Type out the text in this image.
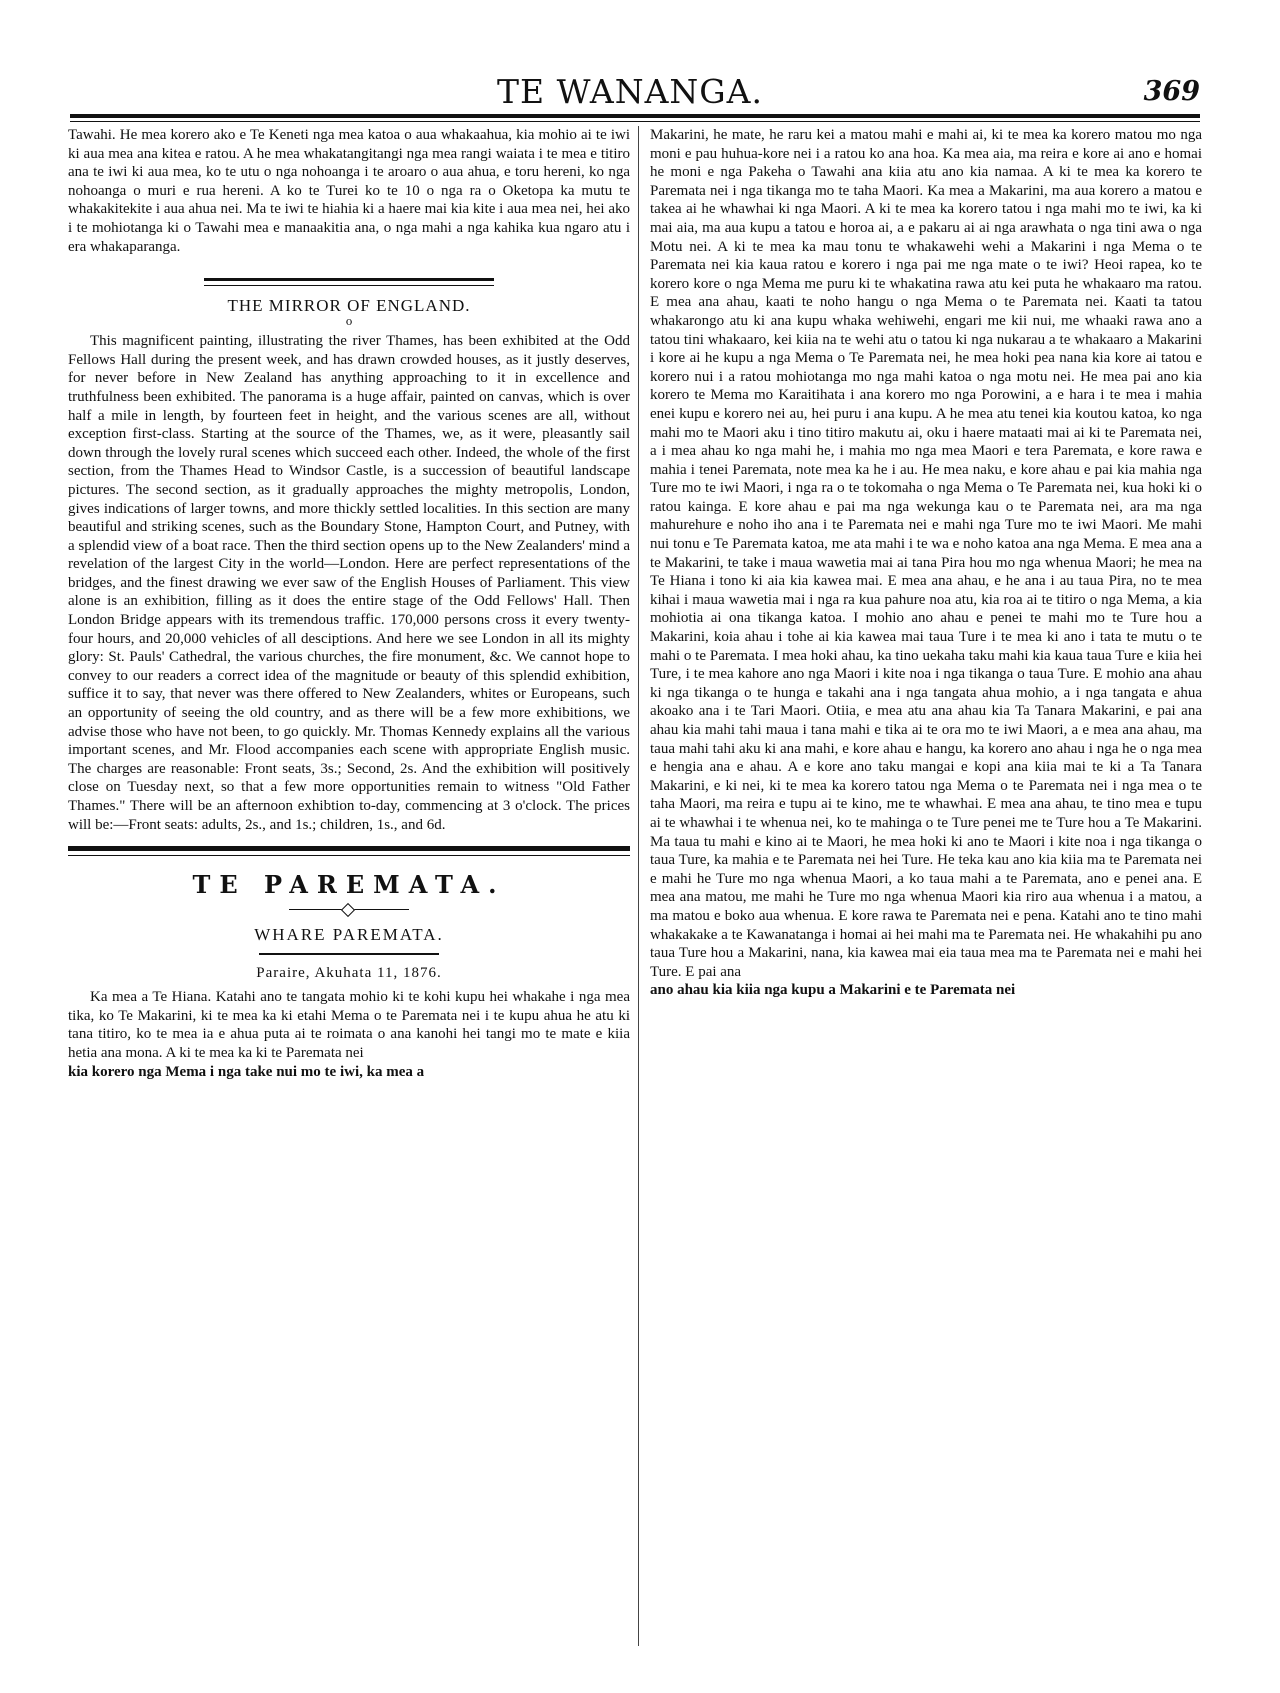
TE WANANGA.	369

Tawahi. He mea korero ako e Te Keneti nga mea katoa o aua whakaahua, kia mohio ai te iwi ki aua mea ana kitea e ratou. A he mea whakatangitangi nga mea rangi waiata i te mea e titiro ana te iwi ki aua mea, ko te utu o nga nohoanga i te aroaro o aua ahua, e toru hereni, ko nga nohoanga o muri e rua hereni. A ko te Turei ko te 10 o nga ra o Oketopa ka mutu te whakakitekite i aua ahua nei. Ma te iwi te hiahia ki a haere mai kia kite i aua mea nei, hei ako i te mohiotanga ki o Tawahi mea e manaakitia ana, o nga mahi a nga kahika kua ngaro atu i era whakaparanga.

THE MIRROR OF ENGLAND.
o

This magnificent painting, illustrating the river Thames, has been exhibited at the Odd Fellows Hall during the present week, and has drawn crowded houses, as it justly deserves, for never before in New Zealand has anything approaching to it in excellence and truthfulness been exhibited. The panorama is a huge affair, painted on canvas, which is over half a mile in length, by fourteen feet in height, and the various scenes are all, without exception first-class. Starting at the source of the Thames, we, as it were, pleasantly sail down through the lovely rural scenes which succeed each other. Indeed, the whole of the first section, from the Thames Head to Windsor Castle, is a succession of beautiful landscape pictures. The second section, as it gradually approaches the mighty metropolis, London, gives indications of larger towns, and more thickly settled localities. In this section are many beautiful and striking scenes, such as the Boundary Stone, Hampton Court, and Putney, with a splendid view of a boat race. Then the third section opens up to the New Zealanders' mind a revelation of the largest City in the world—London. Here are perfect representations of the bridges, and the finest drawing we ever saw of the English Houses of Parliament. This view alone is an exhibition, filling as it does the entire stage of the Odd Fellows' Hall. Then London Bridge appears with its tremendous traffic. 170,000 persons cross it every twenty-four hours, and 20,000 vehicles of all desciptions. And here we see London in all its mighty glory: St. Pauls' Cathedral, the various churches, the fire monument, &c. We cannot hope to convey to our readers a correct idea of the magnitude or beauty of this splendid exhibition, suffice it to say, that never was there offered to New Zealanders, whites or Europeans, such an opportunity of seeing the old country, and as there will be a few more exhibitions, we advise those who have not been, to go quickly. Mr. Thomas Kennedy explains all the various important scenes, and Mr. Flood accompanies each scene with appropriate English music. The charges are reasonable: Front seats, 3s.; Second, 2s. And the exhibition will positively close on Tuesday next, so that a few more opportunities remain to witness "Old Father Thames." There will be an afternoon exhibtion to-day, commencing at 3 o'clock. The prices will be:—Front seats: adults, 2s., and 1s.; children, 1s., and 6d.

TE PAREMATA.
WHARE PAREMATA.
Paraire, Akuhata 11, 1876.

Ka mea a Te Hiana. Katahi ano te tangata mohio ki te kohi kupu hei whakahe i nga mea tika, ko Te Makarini, ki te mea ka ki etahi Mema o te Paremata nei i te kupu ahua he atu ki tana titiro, ko te mea ia e ahua puta ai te roimata o ana kanohi hei tangi mo te mate e kiia hetia ana mona. A ki te mea ka ki te Paremata nei

kia korero nga Mema i nga take nui mo te iwi, ka mea a

Makarini, he mate, he raru kei a matou mahi e mahi ai, ki te mea ka korero matou mo nga moni e pau huhua-kore nei i a ratou ko ana hoa. Ka mea aia, ma reira e kore ai ano e homai he moni e nga Pakeha o Tawahi ana kiia atu ano kia namaa. A ki te mea ka korero te Paremata nei i nga tikanga mo te taha Maori. Ka mea a Makarini, ma aua korero a matou e takea ai he whawhai ki nga Maori. A ki te mea ka korero tatou i nga mahi mo te iwi, ka ki mai aia, ma aua kupu a tatou e horoa ai, a e pakaru ai ai nga arawhata o nga tini awa o nga Motu nei. A ki te mea ka mau tonu te whakawehi wehi a Makarini i nga Mema o te Paremata nei kia kaua ratou e korero i nga pai me nga mate o te iwi? Heoi rapea, ko te korero kore o nga Mema me puru ki te whakatina rawa atu kei puta he whakaaro ma ratou. E mea ana ahau, kaati te noho hangu o nga Mema o te Paremata nei. Kaati ta tatou whakarongo atu ki ana kupu whaka wehiwehi, engari me kii nui, me whaaki rawa ano a tatou tini whakaaro, kei kiia na te wehi atu o tatou ki nga nukarau a te whakaaro a Makarini i kore ai he kupu a nga Mema o Te Paremata nei, he mea hoki pea nana kia kore ai tatou e korero nui i a ratou mohiotanga mo nga mahi katoa o nga motu nei. He mea pai ano kia korero te Mema mo Karaitihata i ana korero mo nga Porowini, a e hara i te mea i mahia enei kupu e korero nei au, hei puru i ana kupu. A he mea atu tenei kia koutou katoa, ko nga mahi mo te Maori aku i tino titiro makutu ai, oku i haere mataati mai ai ki te Paremata nei, a i mea ahau ko nga mahi he, i mahia mo nga mea Maori e tera Paremata, e kore rawa e mahia i tenei Paremata, note mea ka he i au. He mea naku, e kore ahau e pai kia mahia nga Ture mo te iwi Maori, i nga ra o te tokomaha o nga Mema o Te Paremata nei, kua hoki ki o ratou kainga. E kore ahau e pai ma nga wekunga kau o te Paremata nei, ara ma nga mahurehure e noho iho ana i te Paremata nei e mahi nga Ture mo te iwi Maori. Me mahi nui tonu e Te Paremata katoa, me ata mahi i te wa e noho katoa ana nga Mema. E mea ana a te Makarini, te take i maua wawetia mai ai tana Pira hou mo nga whenua Maori; he mea na Te Hiana i tono ki aia kia kawea mai. E mea ana ahau, e he ana i au taua Pira, no te mea kihai i maua wawetia mai i nga ra kua pahure noa atu, kia roa ai te titiro o nga Mema, a kia mohiotia ai ona tikanga katoa. I mohio ano ahau e penei te mahi mo te Ture hou a Makarini, koia ahau i tohe ai kia kawea mai taua Ture i te mea ki ano i tata te mutu o te mahi o te Paremata. I mea hoki ahau, ka tino uekaha taku mahi kia kaua taua Ture e kiia hei Ture, i te mea kahore ano nga Maori i kite noa i nga tikanga o taua Ture. E mohio ana ahau ki nga tikanga o te hunga e takahi ana i nga tangata ahua mohio, a i nga tangata e ahua akoako ana i te Tari Maori. Otiia, e mea atu ana ahau kia Ta Tanara Makarini, e pai ana ahau kia mahi tahi maua i tana mahi e tika ai te ora mo te iwi Maori, a e mea ana ahau, ma taua mahi tahi aku ki ana mahi, e kore ahau e hangu, ka korero ano ahau i nga he o nga mea e hengia ana e ahau. A e kore ano taku mangai e kopi ana kiia mai te ki a Ta Tanara Makarini, e ki nei, ki te mea ka korero tatou nga Mema o te Paremata nei i nga mea o te taha Maori, ma reira e tupu ai te kino, me te whawhai. E mea ana ahau, te tino mea e tupu ai te whawhai i te whenua nei, ko te mahinga o te Ture penei me te Ture hou a Te Makarini. Ma taua tu mahi e kino ai te Maori, he mea hoki ki ano te Maori i kite noa i nga tikanga o taua Ture, ka mahia e te Paremata nei hei Ture. He teka kau ano kia kiia ma te Paremata nei e mahi he Ture mo nga whenua Maori, a ko taua mahi a te Paremata, ano e penei ana. E mea ana matou, me mahi he Ture mo nga whenua Maori kia riro aua whenua i a matou, a ma matou e boko aua whenua. E kore rawa te Paremata nei e pena. Katahi ano te tino mahi whakakake a te Kawanatanga i homai ai hei mahi ma te Paremata nei. He whakahihi pu ano taua Ture hou a Makarini, nana, kia kawea mai eia taua mea ma te Paremata nei e mahi hei Ture. E pai ana

ano ahau kia kiia nga kupu a Makarini e te Paremata nei
